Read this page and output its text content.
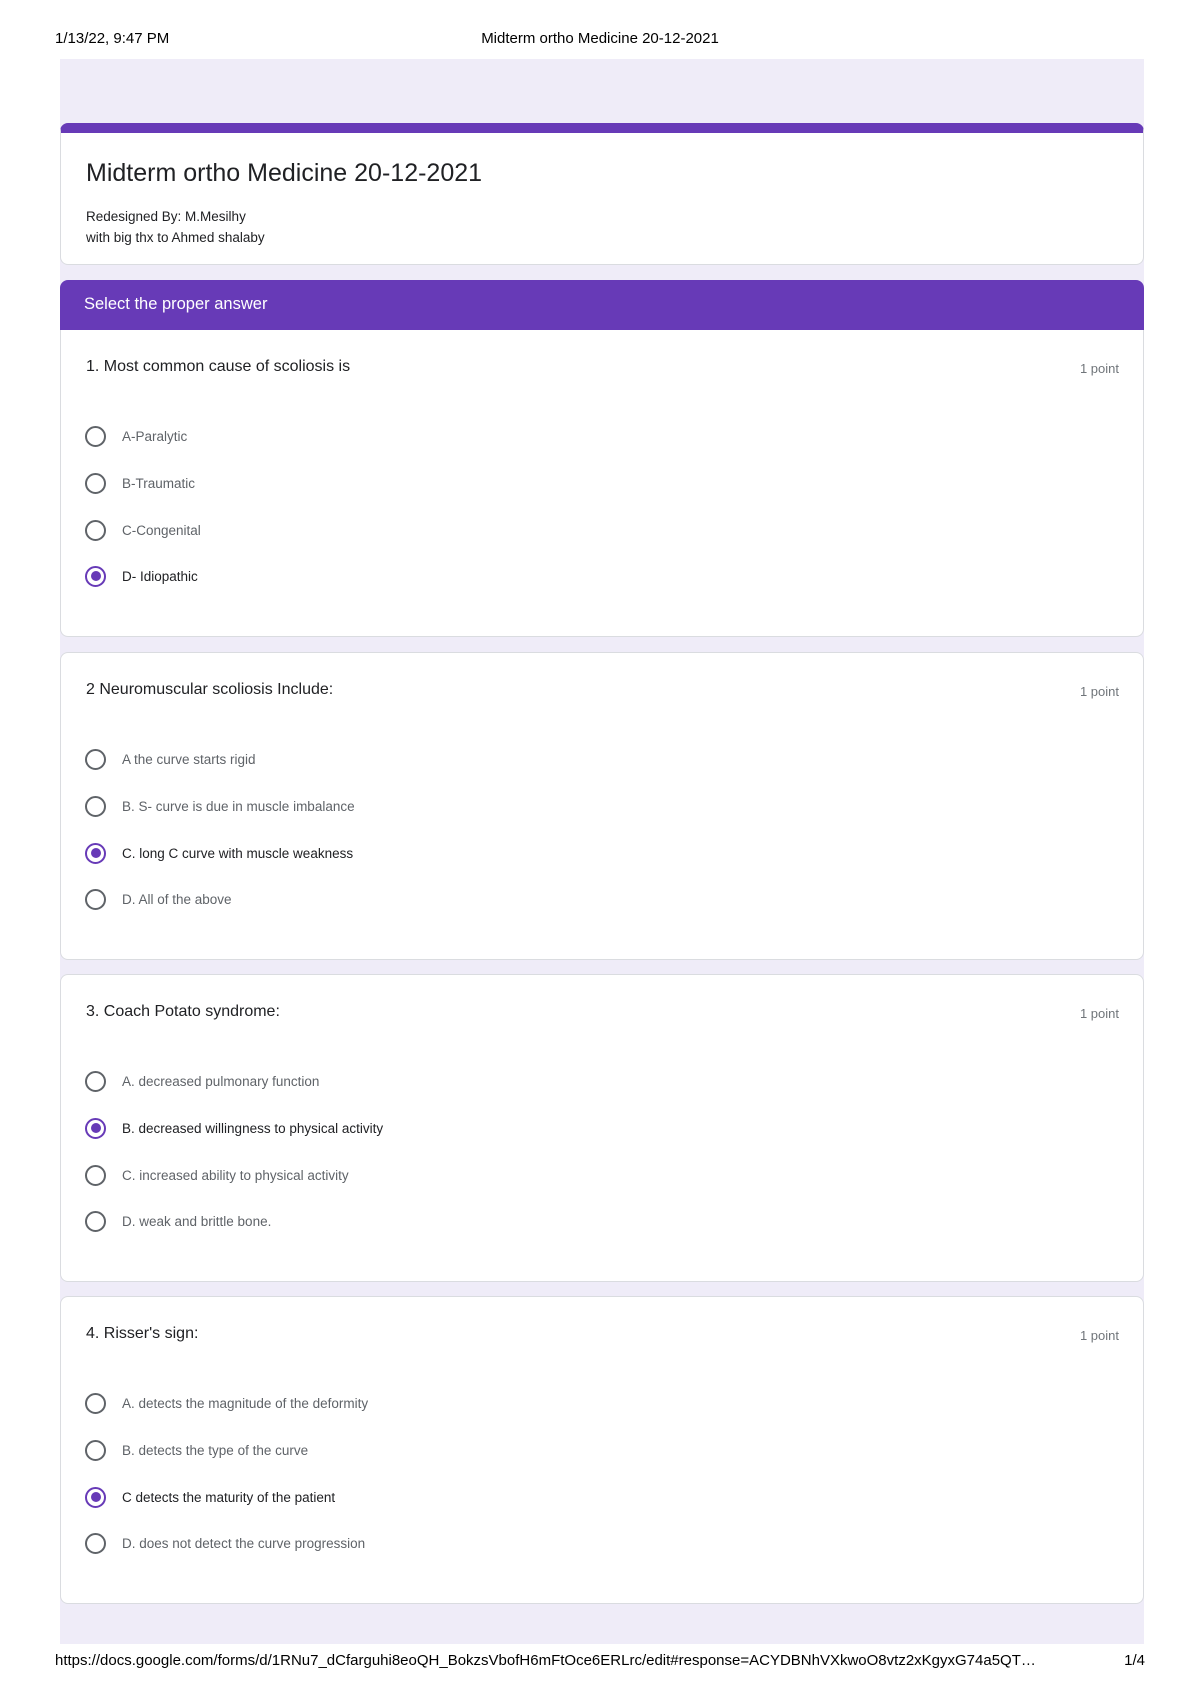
1/13/22, 9:47 PM	Midterm ortho Medicine 20-12-2021
Midterm ortho Medicine 20-12-2021
Redesigned By: M.Mesilhy
with big thx to Ahmed shalaby
Select the proper answer
1. Most common cause of scoliosis is	1 point
A-Paralytic
B-Traumatic
C-Congenital
D- Idiopathic
2 Neuromuscular scoliosis Include:	1 point
A the curve starts rigid
B. S- curve is due in muscle imbalance
C. long C curve with muscle weakness
D. All of the above
3. Coach Potato syndrome:	1 point
A. decreased pulmonary function
B. decreased willingness to physical activity
C. increased ability to physical activity
D. weak and brittle bone.
4. Risser's sign:	1 point
A. detects the magnitude of the deformity
B. detects the type of the curve
C detects the maturity of the patient
D. does not detect the curve progression
https://docs.google.com/forms/d/1RNu7_dCfarguhi8eoQH_BokzsVbofH6mFtOce6ERLrc/edit#response=ACYDBNhVXkwoO8vtz2xKgyxG74a5QT…	1/4
